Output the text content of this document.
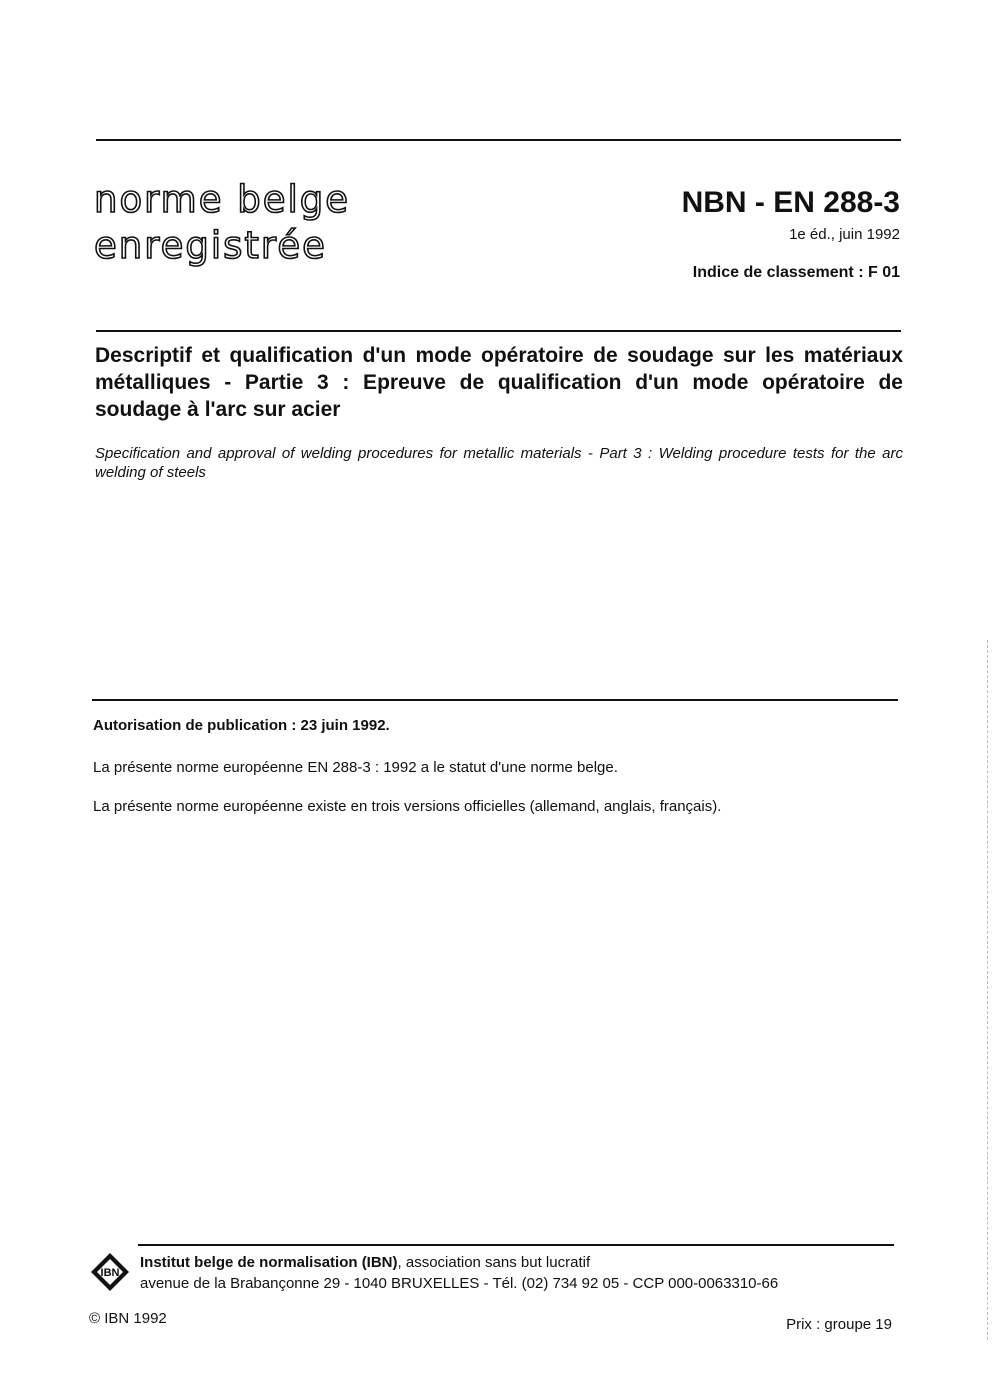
norme belge
enregistrée
NBN - EN 288-3
1e éd., juin 1992
Indice de classement : F 01
Descriptif et qualification d'un mode opératoire de soudage sur les matériaux métalliques - Partie 3 : Epreuve de qualification d'un mode opératoire de soudage à l'arc sur acier
Specification and approval of welding procedures for metallic materials - Part 3 : Welding procedure tests for the arc welding of steels
Autorisation de publication : 23 juin 1992.
La présente norme européenne EN 288-3 : 1992 a le statut d'une norme belge.
La présente norme européenne existe en trois versions officielles (allemand, anglais, français).
IBN
Institut belge de normalisation (IBN), association sans but lucratif
avenue de la Brabançonne 29 - 1040 BRUXELLES - Tél. (02) 734 92 05 - CCP 000-0063310-66
© IBN 1992	Prix : groupe 19
